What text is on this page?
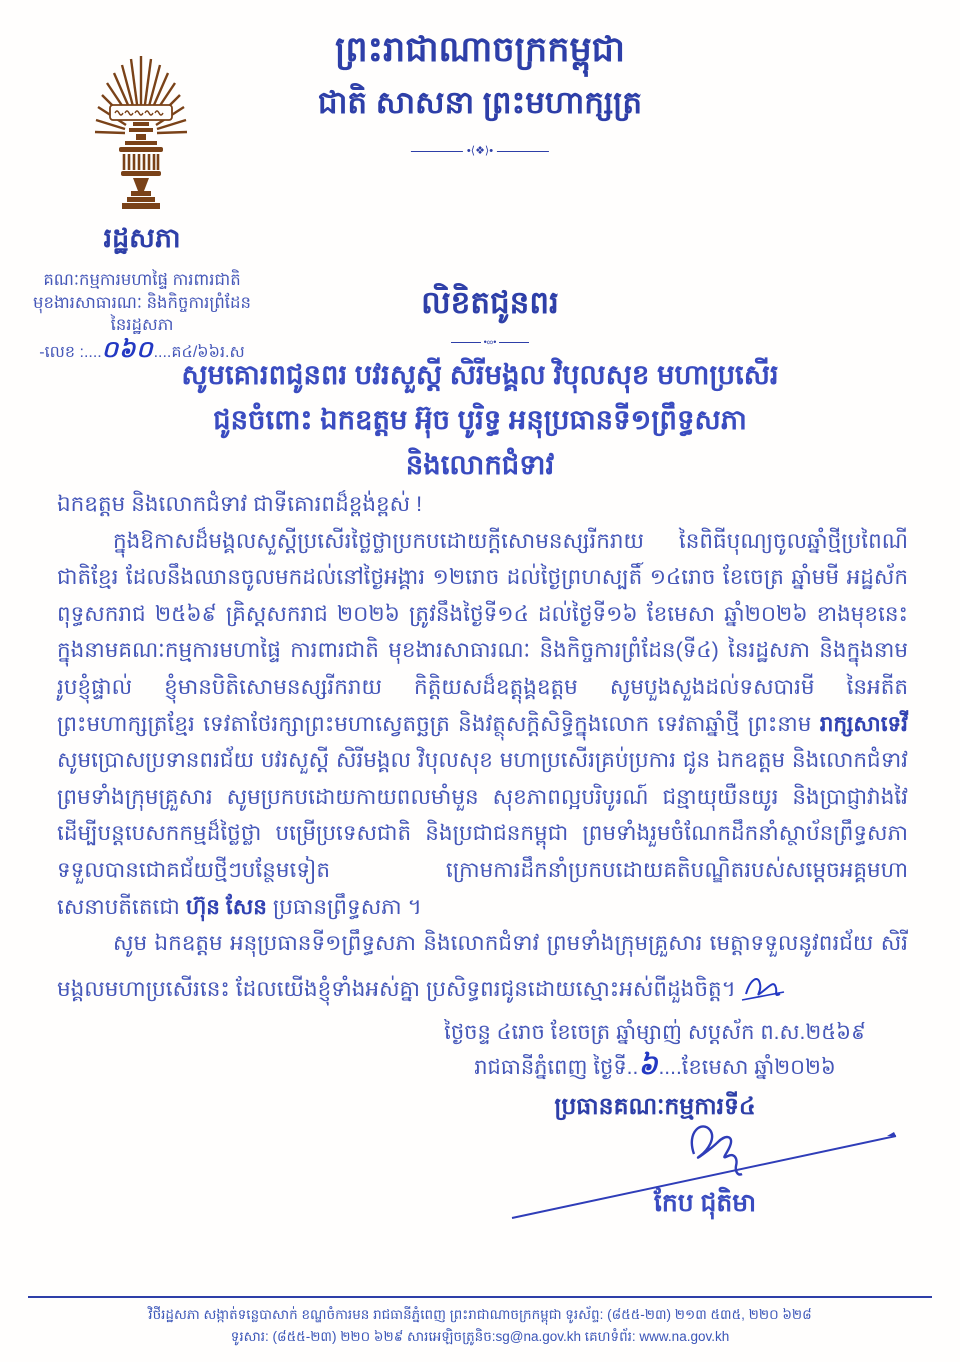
ព្រះរាជាណាចក្រកម្ពុជា
ជាតិ សាសនា ព្រះមហាក្សត្រ
•⟨❖⟩•
រដ្ឋសភា
គណៈកម្មការមហាផ្ទៃ ការពារជាតិ
មុខងារសាធារណៈ និងកិច្ចការព្រំដែន
នៃរដ្ឋសភា
-លេខ :....០៦០....គ៤/៦៦រ.ស
លិខិតជូនពរ
•∞•
សូមគោរពជូនពរ បវរសួស្ដី សិរីមង្គល វិបុលសុខ មហាប្រសើរ
ជូនចំពោះ ឯកឧត្ដម អ៊ុច បូរិទ្ធ អនុប្រធានទី១ព្រឹទ្ធសភា
និងលោកជំទាវ

ឯកឧត្ដម និងលោកជំទាវ ជាទីគោរពដ៏ខ្ពង់ខ្ពស់ !

ក្នុងឱកាសដ៏មង្គលសួស្ដីប្រសើរថ្លៃថ្លាប្រកបដោយក្ដីសោមនស្សរីករាយ នៃពិធីបុណ្យចូលឆ្នាំថ្មីប្រពៃណីជាតិខ្មែរ ដែលនឹងឈានចូលមកដល់នៅថ្ងៃអង្គារ ១២រោច ដល់ថ្ងៃព្រហស្បតិ៍ ១៤រោច ខែចេត្រ ឆ្នាំមមី អដ្ឋស័ក ពុទ្ធសករាជ ២៥៦៩ គ្រិស្ដសករាជ ២០២៦ ត្រូវនឹងថ្ងៃទី១៤ ដល់ថ្ងៃទី១៦ ខែមេសា ឆ្នាំ២០២៦ ខាងមុខនេះ ក្នុងនាមគណៈកម្មការមហាផ្ទៃ ការពារជាតិ មុខងារសាធារណៈ និងកិច្ចការព្រំដែន(ទី៤) នៃរដ្ឋសភា និងក្នុងនាមរូបខ្ញុំផ្ទាល់ ខ្ញុំមានបិតិសោមនស្សរីករាយ កិត្តិយសដ៏ឧត្តុង្គឧត្តម សូមបួងសួងដល់ទសបារមី នៃអតីតព្រះមហាក្សត្រខ្មែរ ទេវតាថែរក្សាព្រះមហាស្វេតច្ឆត្រ និងវត្ថុសក្ដិសិទ្ធិក្នុងលោក ទេវតាឆ្នាំថ្មី ព្រះនាម រាក្សសាទេវី សូមប្រោសប្រទានពរជ័យ បវរសួស្ដី សិរីមង្គល វិបុលសុខ មហាប្រសើរគ្រប់ប្រការ ជូន ឯកឧត្ដម និងលោកជំទាវ ព្រមទាំងក្រុមគ្រួសារ សូមប្រកបដោយកាយពលមាំមួន សុខភាពល្អបរិបូរណ៍ ជន្មាយុយឺនយូរ និងប្រាជ្ញាវាងវៃ ដើម្បីបន្តបេសកកម្មដ៏ថ្លៃថ្លា បម្រើប្រទេសជាតិ និងប្រជាជនកម្ពុជា ព្រមទាំងរួមចំណែកដឹកនាំស្ថាប័នព្រឹទ្ធសភាទទួលបានជោគជ័យថ្មីៗបន្ថែមទៀត ក្រោមការដឹកនាំប្រកបដោយគតិបណ្ឌិតរបស់សម្ដេចអគ្គមហាសេនាបតីតេជោ ហ៊ុន សែន ប្រធានព្រឹទ្ធសភា ។

សូម ឯកឧត្ដម អនុប្រធានទី១ព្រឹទ្ធសភា និងលោកជំទាវ ព្រមទាំងក្រុមគ្រួសារ មេត្តាទទួលនូវពរជ័យ សិរីមង្គលមហាប្រសើរនេះ ដែលយើងខ្ញុំទាំងអស់គ្នា ប្រសិទ្ធពរជូនដោយស្មោះអស់ពីដួងចិត្ត។

ថ្ងៃចន្ទ ៤រោច ខែចេត្រ ឆ្នាំម្សាញ់ សប្ដស័ក ព.ស.២៥៦៩
រាជធានីភ្នំពេញ ថ្ងៃទី..៦....ខែមេសា ឆ្នាំ២០២៦
ប្រធានគណៈកម្មការទី៤
កែប ជុតិមា
វិថីរដ្ឋសភា សង្កាត់ទន្លេបាសាក់ ខណ្ឌចំការមន រាជធានីភ្នំពេញ ព្រះរាជាណាចក្រកម្ពុជា ទូរស័ព្ទ: (៨៥៥-២៣) ២១៣ ៥៣៥, ២២០ ៦២៨
ទូរសារ: (៨៥៥-២៣) ២២០ ៦២៩ សារអេឡិចត្រូនិច:sg@na.gov.kh គេហទំព័រ: www.na.gov.kh
